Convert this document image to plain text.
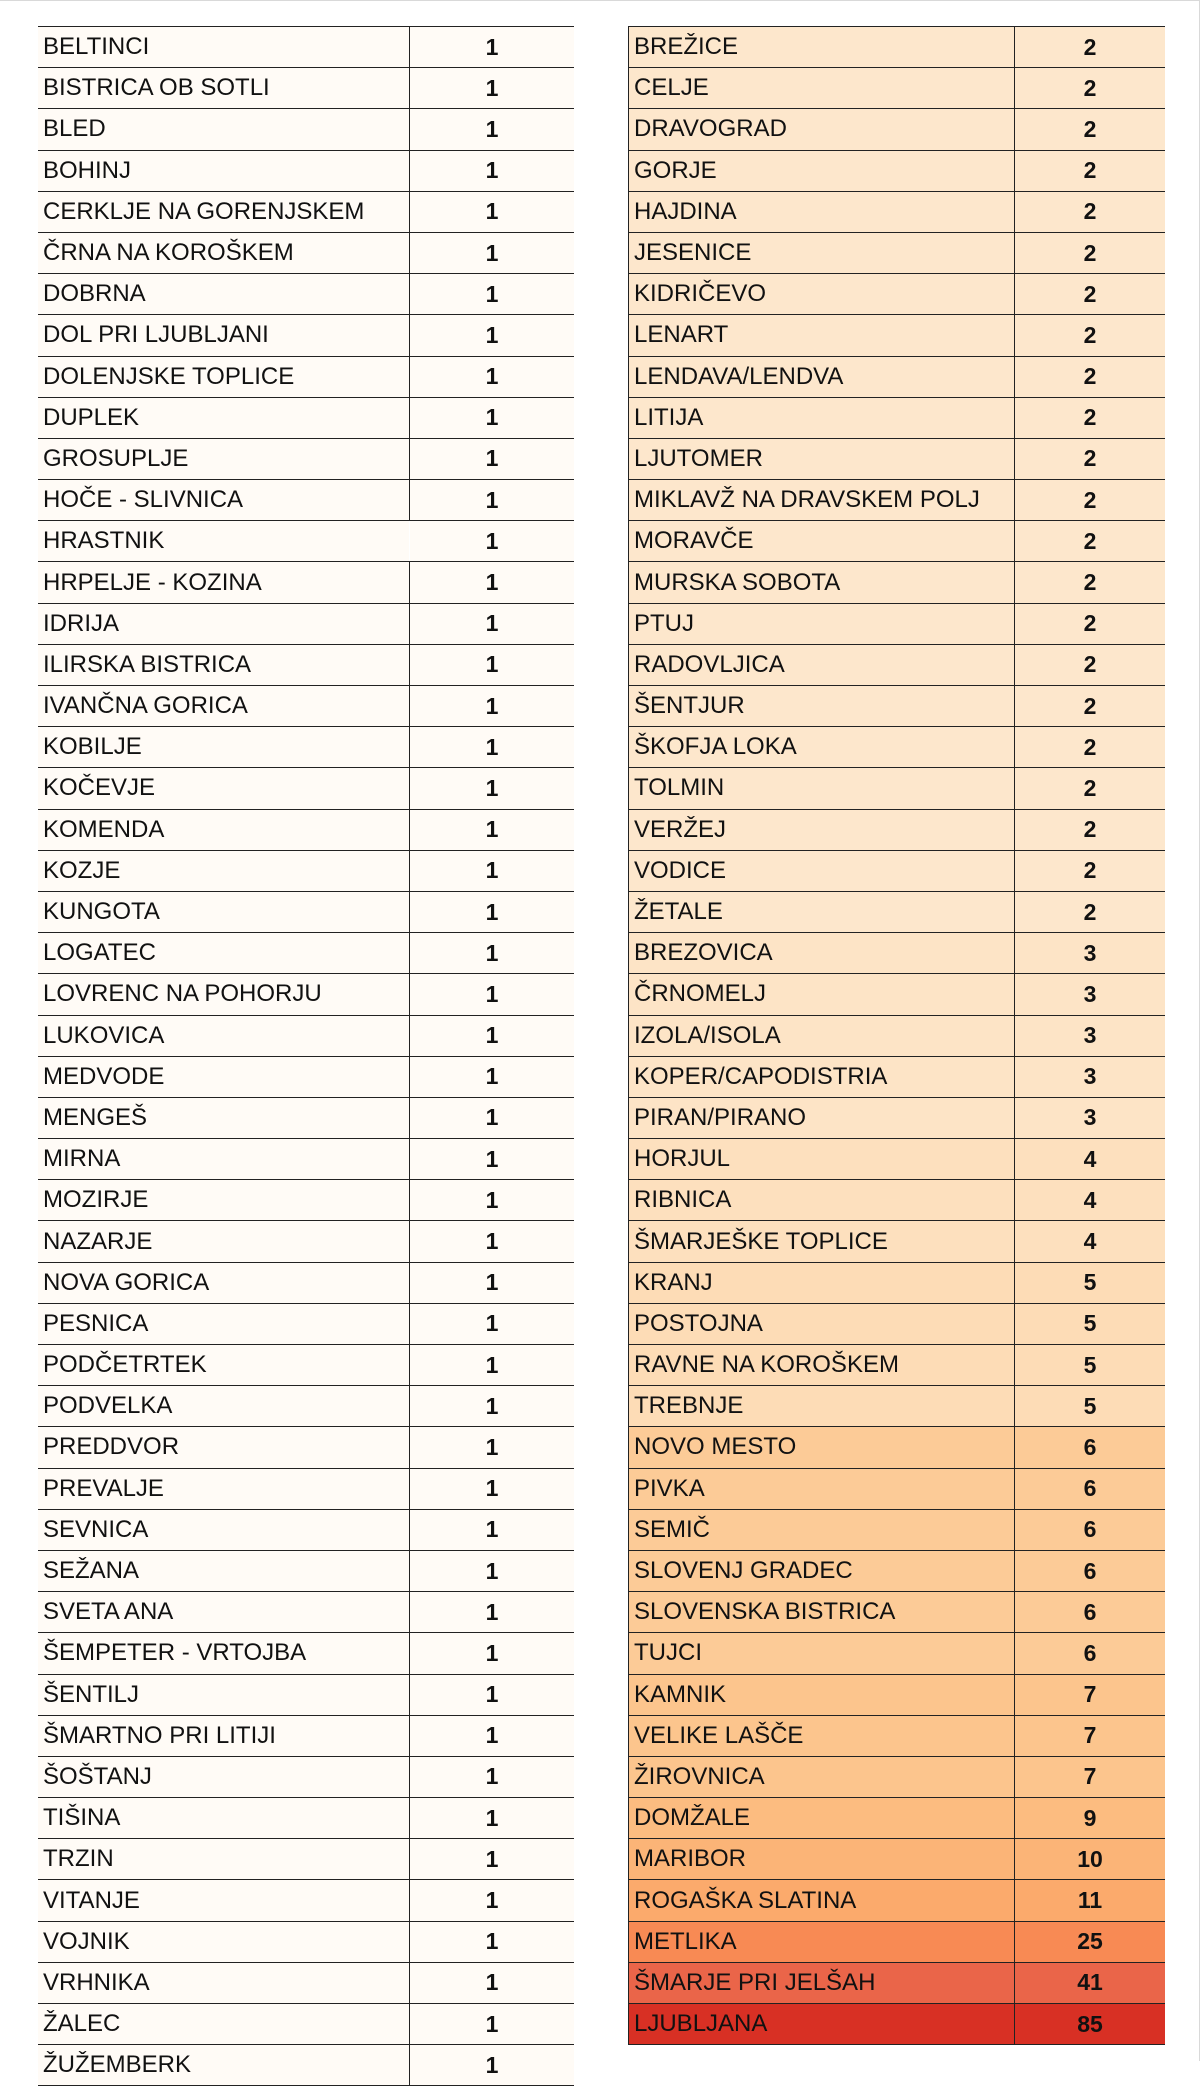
BELTINCI	1
BISTRICA OB SOTLI	1
BLED	1
BOHINJ	1
CERKLJE NA GORENJSKEM	1
ČRNA NA KOROŠKEM	1
DOBRNA	1
DOL PRI LJUBLJANI	1
DOLENJSKE TOPLICE	1
DUPLEK	1
GROSUPLJE	1
HOČE - SLIVNICA	1
HRASTNIK	1
HRPELJE - KOZINA	1
IDRIJA	1
ILIRSKA BISTRICA	1
IVANČNA GORICA	1
KOBILJE	1
KOČEVJE	1
KOMENDA	1
KOZJE	1
KUNGOTA	1
LOGATEC	1
LOVRENC NA POHORJU	1
LUKOVICA	1
MEDVODE	1
MENGEŠ	1
MIRNA	1
MOZIRJE	1
NAZARJE	1
NOVA GORICA	1
PESNICA	1
PODČETRTEK	1
PODVELKA	1
PREDDVOR	1
PREVALJE	1
SEVNICA	1
SEŽANA	1
SVETA ANA	1
ŠEMPETER - VRTOJBA	1
ŠENTILJ	1
ŠMARTNO PRI LITIJI	1
ŠOŠTANJ	1
TIŠINA	1
TRZIN	1
VITANJE	1
VOJNIK	1
VRHNIKA	1
ŽALEC	1
ŽUŽEMBERK	1
BREŽICE	2
CELJE	2
DRAVOGRAD	2
GORJE	2
HAJDINA	2
JESENICE	2
KIDRIČEVO	2
LENART	2
LENDAVA/LENDVA	2
LITIJA	2
LJUTOMER	2
MIKLAVŽ NA DRAVSKEM POLJ	2
MORAVČE	2
MURSKA SOBOTA	2
PTUJ	2
RADOVLJICA	2
ŠENTJUR	2
ŠKOFJA LOKA	2
TOLMIN	2
VERŽEJ	2
VODICE	2
ŽETALE	2
BREZOVICA	3
ČRNOMELJ	3
IZOLA/ISOLA	3
KOPER/CAPODISTRIA	3
PIRAN/PIRANO	3
HORJUL	4
RIBNICA	4
ŠMARJEŠKE TOPLICE	4
KRANJ	5
POSTOJNA	5
RAVNE NA KOROŠKEM	5
TREBNJE	5
NOVO MESTO	6
PIVKA	6
SEMIČ	6
SLOVENJ GRADEC	6
SLOVENSKA BISTRICA	6
TUJCI	6
KAMNIK	7
VELIKE LAŠČE	7
ŽIROVNICA	7
DOMŽALE	9
MARIBOR	10
ROGAŠKA SLATINA	11
METLIKA	25
ŠMARJE PRI JELŠAH	41
LJUBLJANA	85
